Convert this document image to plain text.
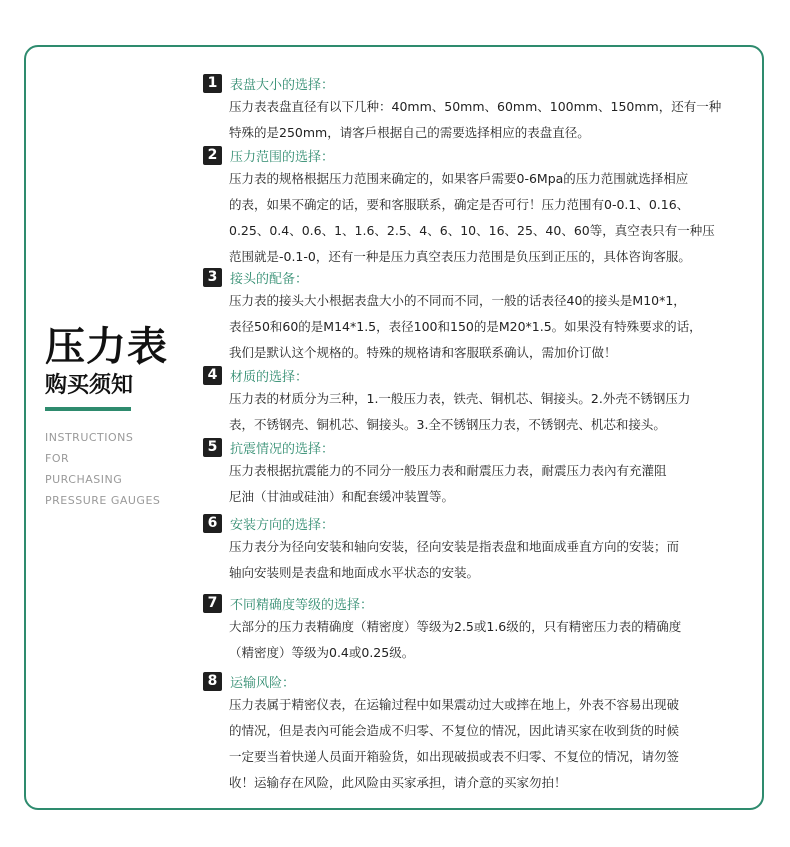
压力表
购买须知
INSTRUCTIONS
FOR
PURCHASING
PRESSURE GAUGES
1 表盘大小的选择：
压力表表盘直径有以下几种：40mm、50mm、60mm、100mm、150mm，还有一种
特殊的是250mm，请客戶根据自己的需要选择相应的表盘直径。
2 压力范围的选择：
压力表的规格根据压力范围来确定的，如果客戶需要0-6Mpa的压力范围就选择相应
的表，如果不确定的话，要和客服联系，确定是否可行！压力范围有0-0.1、0.16、
0.25、0.4、0.6、1、1.6、2.5、4、6、10、16、25、40、60等，真空表只有一种压
范围就是-0.1-0，还有一种是压力真空表压力范围是负压到正压的，具体咨询客服。
3 接头的配备：
压力表的接头大小根据表盘大小的不同而不同，一般的话表径40的接头是M10*1，
表径50和60的是M14*1.5，表径100和150的是M20*1.5。如果没有特殊要求的话，
我们是默认这个规格的。特殊的规格请和客服联系确认，需加价订做！
4 材质的选择：
压力表的材质分为三种，1.一般压力表，铁壳、铜机芯、铜接头。2.外壳不锈钢压力
表，不锈钢壳、铜机芯、铜接头。3.全不锈钢压力表，不锈钢壳、机芯和接头。
5 抗震情况的选择：
压力表根据抗震能力的不同分一般压力表和耐震压力表，耐震压力表內有充灌阻
尼油（甘油或硅油）和配套缓冲装置等。
6 安装方向的选择：
压力表分为径向安装和轴向安装，径向安装是指表盘和地面成垂直方向的安装；而
轴向安装则是表盘和地面成水平状态的安装。
7 不同精确度等级的选择：
大部分的压力表精确度（精密度）等级为2.5或1.6级的，只有精密压力表的精确度
（精密度）等级为0.4或0.25级。
8 运输风险：
压力表属于精密仪表，在运输过程中如果震动过大或摔在地上，外表不容易出现破
的情况，但是表內可能会造成不归零、不复位的情况，因此请买家在收到货的时候
一定要当着快递人员面开箱验货，如出现破损或表不归零、不复位的情况，请勿签
收！运输存在风险，此风险由买家承担，请介意的买家勿拍！
